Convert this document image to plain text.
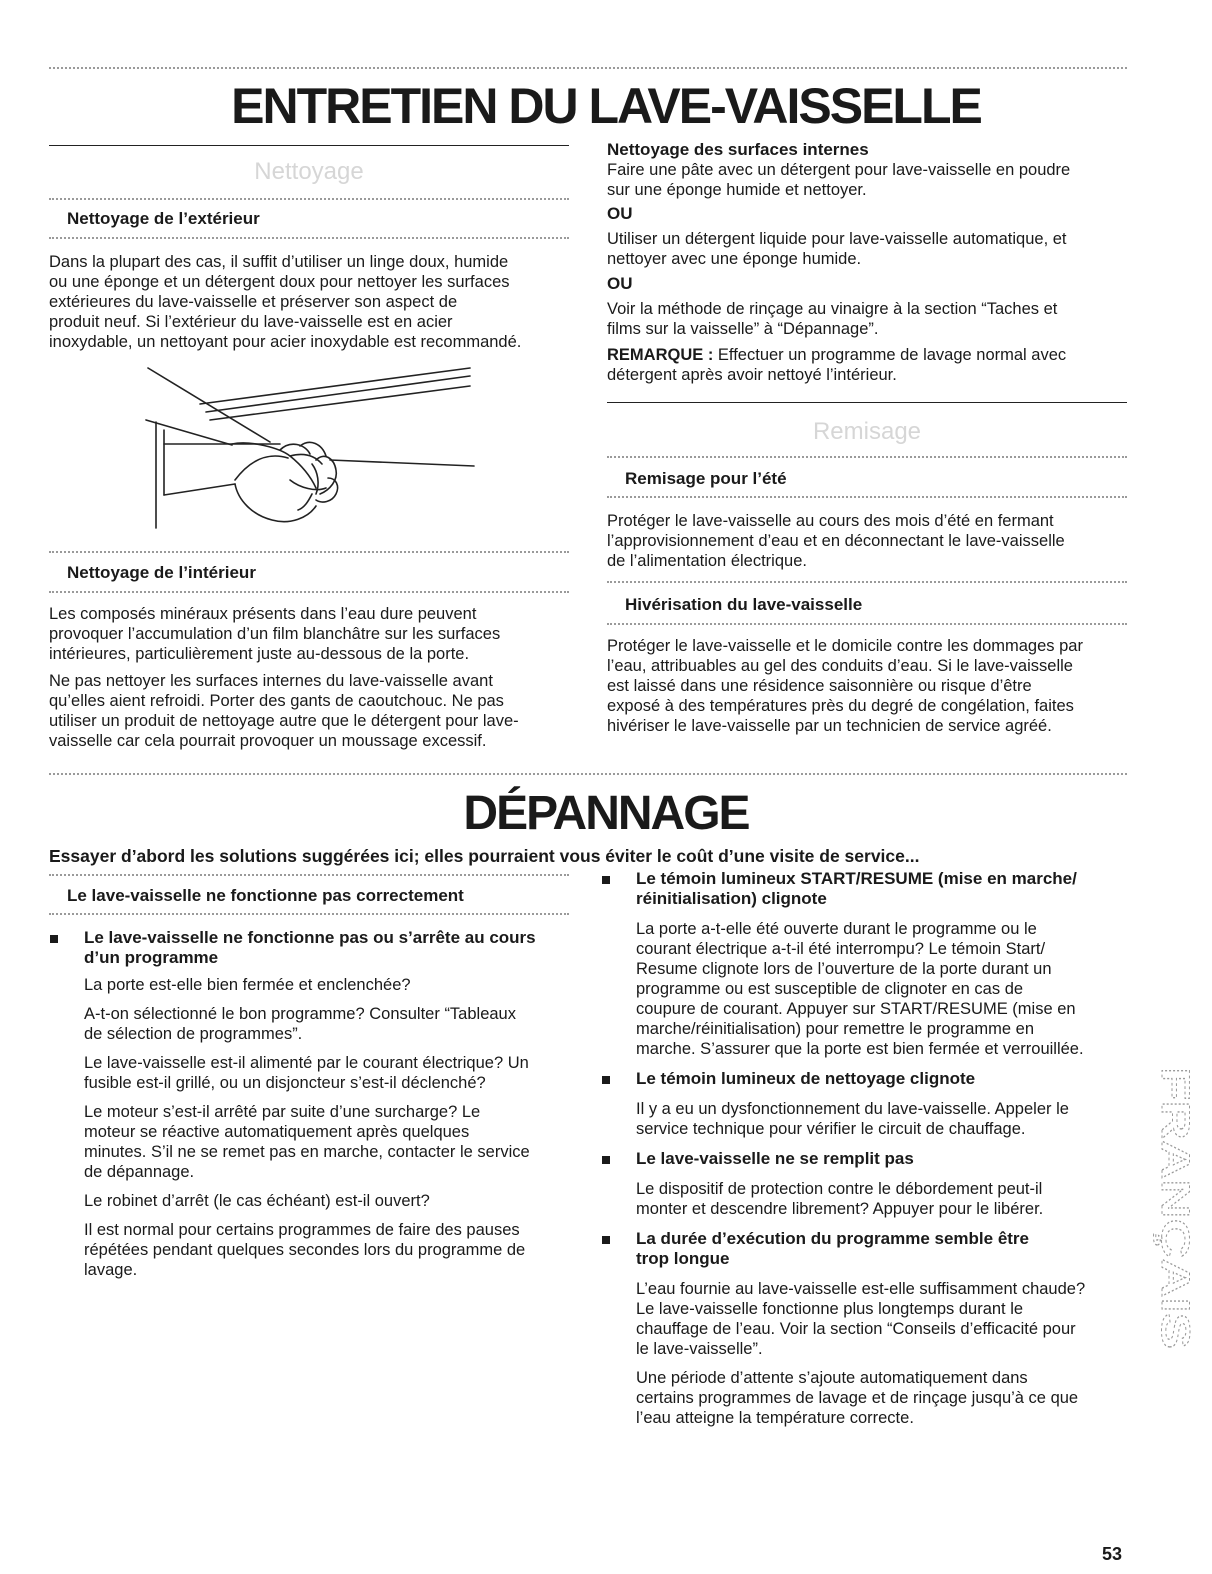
ENTRETIEN DU LAVE-VAISSELLE
Nettoyage
Nettoyage de l’extérieur

Dans la plupart des cas, il suffit d’utiliser un linge doux, humide

ou une éponge et un détergent doux pour nettoyer les surfaces

extérieures du lave-vaisselle et préserver son aspect de

produit neuf. Si l’extérieur du lave-vaisselle est en acier

inoxydable, un nettoyant pour acier inoxydable est recommandé.

Nettoyage de l’intérieur

Les composés minéraux présents dans l’eau dure peuvent

provoquer l’accumulation d’un film blanchâtre sur les surfaces

intérieures, particulièrement juste au-dessous de la porte.

Ne pas nettoyer les surfaces internes du lave-vaisselle avant

qu’elles aient refroidi. Porter des gants de caoutchouc. Ne pas

utiliser un produit de nettoyage autre que le détergent pour lave-

vaisselle car cela pourrait provoquer un moussage excessif.

Nettoyage des surfaces internes

Faire une pâte avec un détergent pour lave-vaisselle en poudre

sur une éponge humide et nettoyer.

OU

Utiliser un détergent liquide pour lave-vaisselle automatique, et

nettoyer avec une éponge humide.

OU

Voir la méthode de rinçage au vinaigre à la section “Taches et

films sur la vaisselle” à “Dépannage”.

REMARQUE : Effectuer un programme de lavage normal avec

détergent après avoir nettoyé l’intérieur.

Remisage
Remisage pour l’été

Protéger le lave-vaisselle au cours des mois d’été en fermant

l’approvisionnement d’eau et en déconnectant le lave-vaisselle

de l’alimentation électrique.

Hivérisation du lave-vaisselle

Protéger le lave-vaisselle et le domicile contre les dommages par

l’eau, attribuables au gel des conduits d’eau. Si le lave-vaisselle

est laissé dans une résidence saisonnière ou risque d’être

exposé à des températures près du degré de congélation, faites

hivériser le lave-vaisselle par un technicien de service agréé.

DÉPANNAGE
Essayer d’abord les solutions suggérées ici; elles pourraient vous éviter le coût d’une visite de service...
Le lave-vaisselle ne fonctionne pas correctement
Le lave-vaisselle ne fonctionne pas ou s’arrête au cours
d’un programme

La porte est-elle bien fermée et enclenchée?

A-t-on sélectionné le bon programme? Consulter “Tableaux

de sélection de programmes”.

Le lave-vaisselle est-il alimenté par le courant électrique? Un

fusible est-il grillé, ou un disjoncteur s’est-il déclenché?

Le moteur s’est-il arrêté par suite d’une surcharge? Le

moteur se réactive automatiquement après quelques

minutes. S’il ne se remet pas en marche, contacter le service

de dépannage.

Le robinet d’arrêt (le cas échéant) est-il ouvert?

Il est normal pour certains programmes de faire des pauses

répétées pendant quelques secondes lors du programme de

lavage.

Le témoin lumineux START/RESUME (mise en marche/
réinitialisation) clignote

La porte a-t-elle été ouverte durant le programme ou le

courant électrique a-t-il été interrompu? Le témoin Start/

Resume clignote lors de l’ouverture de la porte durant un

programme ou est susceptible de clignoter en cas de

coupure de courant. Appuyer sur START/RESUME (mise en

marche/réinitialisation) pour remettre le programme en

marche. S’assurer que la porte est bien fermée et verrouillée.

Le témoin lumineux de nettoyage clignote

Il y a eu un dysfonctionnement du lave-vaisselle. Appeler le

service technique pour vérifier le circuit de chauffage.

Le lave-vaisselle ne se remplit pas

Le dispositif de protection contre le débordement peut-il

monter et descendre librement? Appuyer pour le libérer.

La durée d’exécution du programme semble être
trop longue

L’eau fournie au lave-vaisselle est-elle suffisamment chaude?

Le lave-vaisselle fonctionne plus longtemps durant le

chauffage de l’eau. Voir la section “Conseils d’efficacité pour

le lave-vaisselle”.

Une période d’attente s’ajoute automatiquement dans

certains programmes de lavage et de rinçage jusqu’à ce que

l’eau atteigne la température correcte.

FRANÇAIS
53
